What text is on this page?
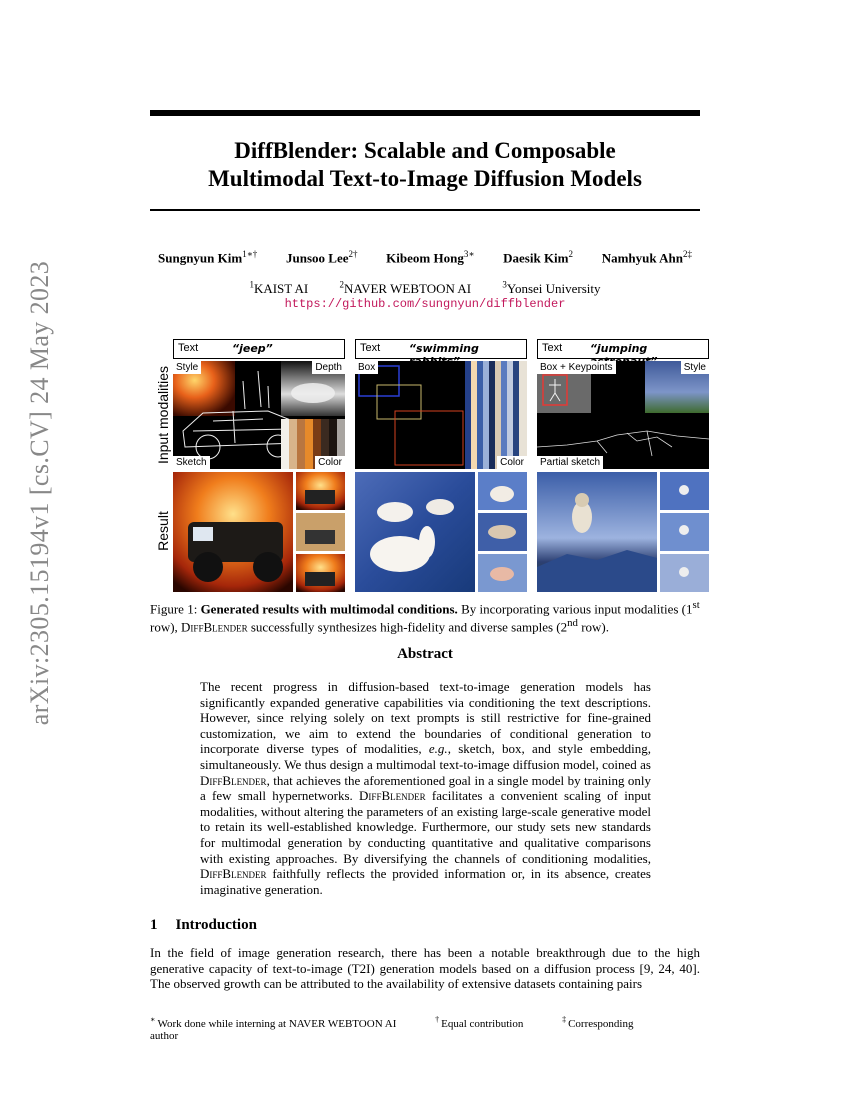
arXiv:2305.15194v1 [cs.CV] 24 May 2023
DiffBlender: Scalable and Composable
Multimodal Text-to-Image Diffusion Models
Sungnyun Kim$^{1∗\dagger}$ Junsoo Lee$^{2\dagger}$ Kibeom Hong$^{3∗}$ Daesik Kim$^2$ Namhyuk Ahn$^{2\ddagger}$
$^1$KAIST AI	$^2$NAVER WEBTOON AI	$^3$Yonsei University
https://github.com/sungnyun/diffblender
Input modalities
Result
Text	“jeep”
Style	Depth
Sketch	Color
Text	“swimming
Box
Color
Text	“jumping
Box + Keypoints	Style
Partial sketch
Figure 1: Generated results with multimodal conditions. By incorporating various input modalities (1st row), DiffBlender successfully synthesizes high-fidelity and diverse samples (2nd row).
Abstract
The recent progress in diffusion-based text-to-image generation models has significantly expanded generative capabilities via conditioning the text descriptions. However, since relying solely on text prompts is still restrictive for fine-grained customization, we aim to extend the boundaries of conditional generation to incorporate diverse types of modalities, e.g., sketch, box, and style embedding, simultaneously. We thus design a multimodal text-to-image diffusion model, coined as DiffBlender, that achieves the aforementioned goal in a single model by training only a few small hypernetworks. DiffBlender facilitates a convenient scaling of input modalities, without altering the parameters of an existing large-scale generative model to retain its well-established knowledge. Furthermore, our study sets new standards for multimodal generation by conducting quantitative and qualitative comparisons with existing approaches. By diversifying the channels of conditioning modalities, DiffBlender faithfully reflects the provided information or, in its absence, creates imaginative generation.
1 Introduction
In the field of image generation research, there has been a notable breakthrough due to the high generative capacity of text-to-image (T2I) generation models based on a diffusion process [9, 24, 40]. The observed growth can be attributed to the availability of extensive datasets containing pairs
∗ Work done while interning at NAVER WEBTOON AI	† Equal contribution	‡ Corresponding author
